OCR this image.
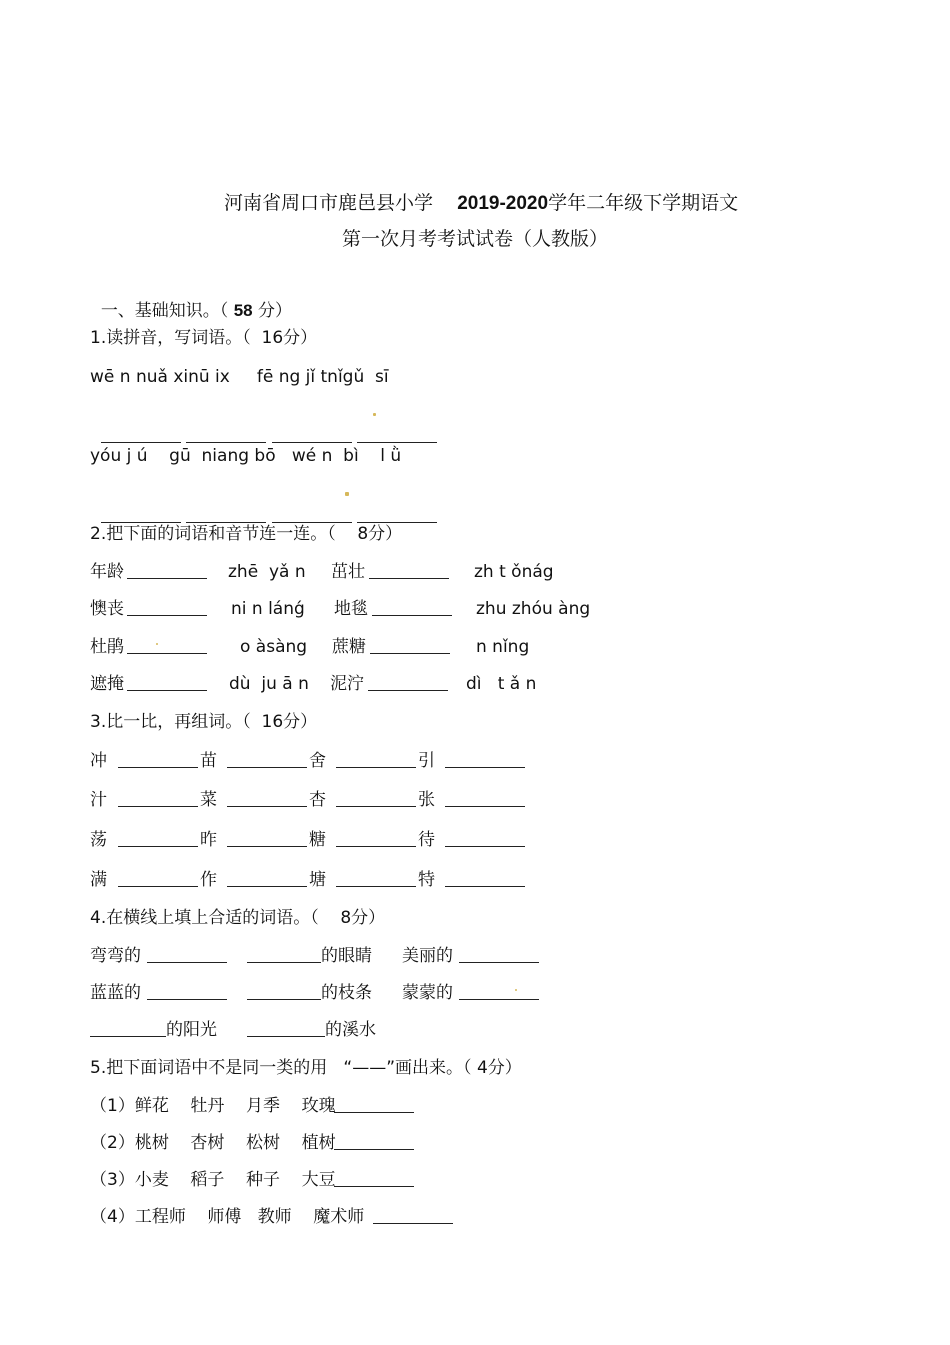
河南省周口市鹿邑县小学 2019-2020学年二年级下学期语文

第一次月考考试试卷（人教版）

一、基础知识。（ 58 分）

1.读拼音，写词语。（  16分）
wē n nuǎ xinū ix     fē ng jǐ tnǐgǔ  sī

yóu j ú    gū  niang bō   wé n  bì    l ǜ

2.把下面的词语和音节连一连。（    8分）
年龄	zhē  yǎ n 茁壮	zh t ǒnág
懊丧	ni n lánǵ 地毯	zhu zhóu àng
杜鹃	o àsàng 蔗糖	n nǐng
遮掩	dù  ju ā n 泥泞	dì   t ǎ n
3.比一比，再组词。（  16分）
冲	苗	舍	引
汁	菜	杏	张
荡	昨	糖	待
满	作	塘	特
4.在横线上填上合适的词语。（    8分）
弯弯的	的眼睛 美丽的
蓝蓝的	的枝条 蒙蒙的
的阳光	的溪水
5.把下面词语中不是同一类的用   “——”画出来。（ 4分）
（1）鲜花    牡丹    月季    玫瑰
（2）桃树    杏树    松树    植树
（3）小麦    稻子    种子    大豆
（4）工程师    师傅   教师    魔术师
